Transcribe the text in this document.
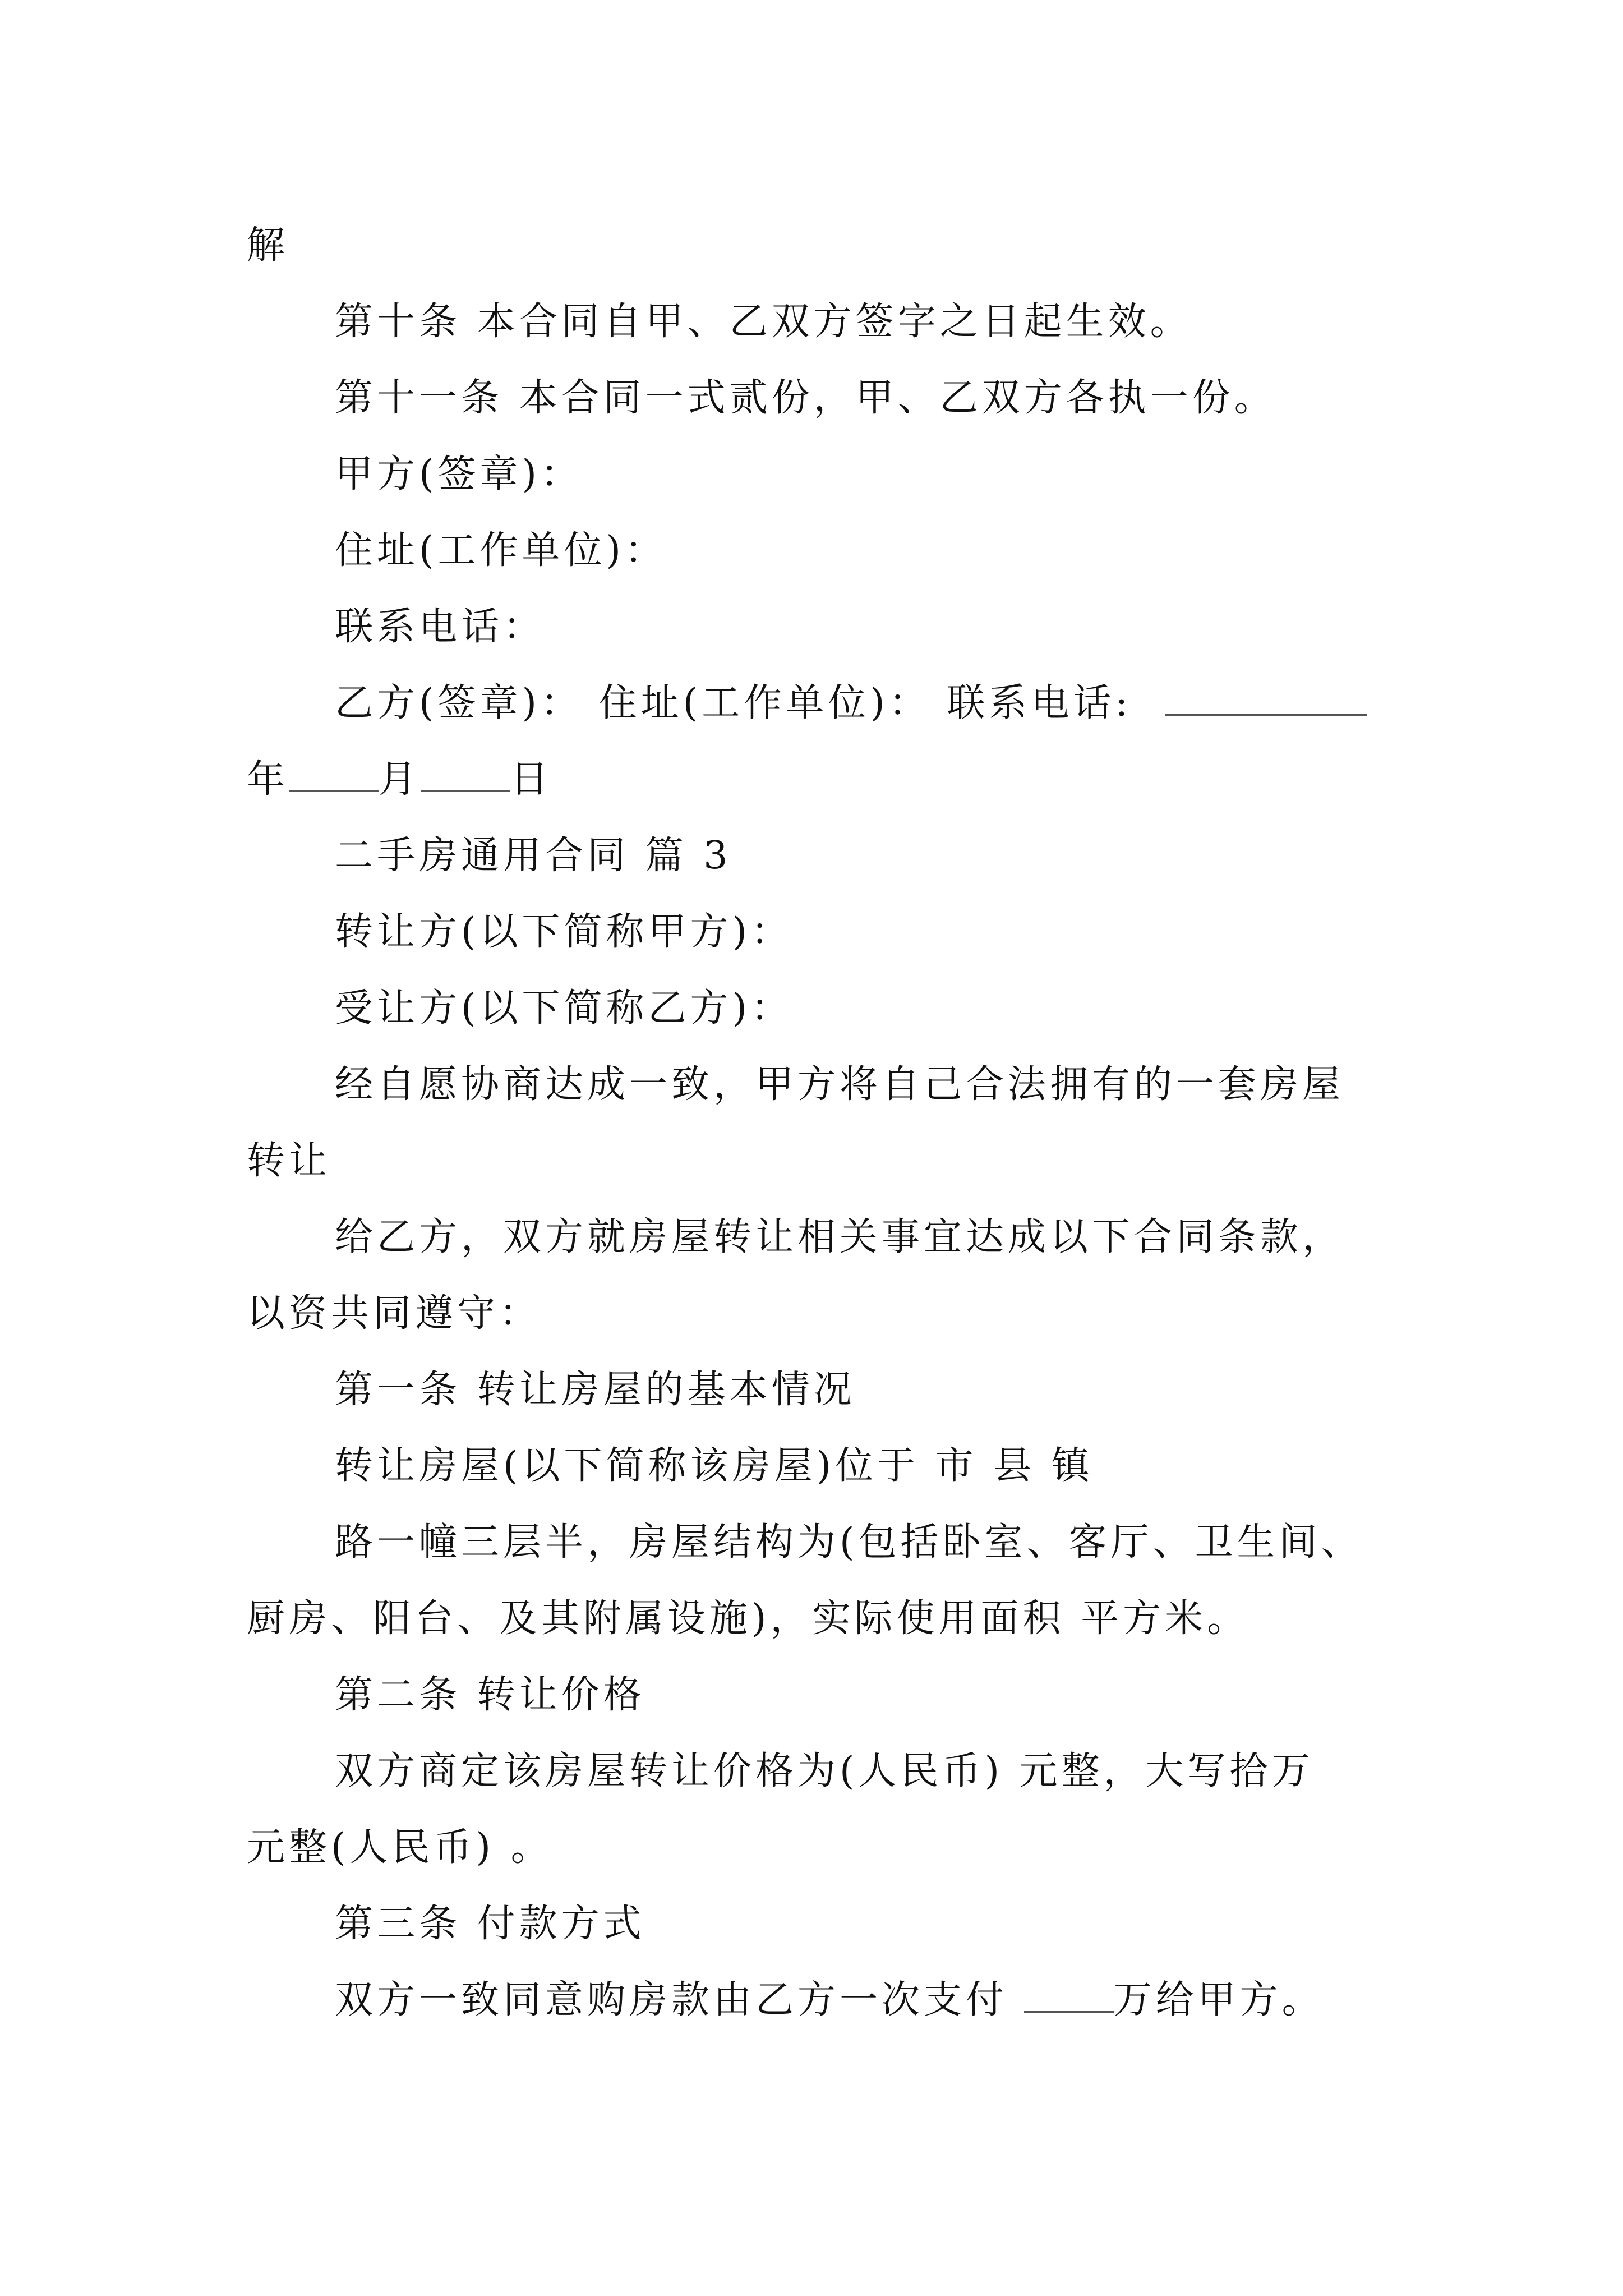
解

第十条 本合同自甲、乙双方签字之日起生效。

第十一条 本合同一式贰份，甲、乙双方各执一份。

甲方(签章)：

住址(工作单位)：

联系电话：

乙方(签章)： 住址(工作单位)： 联系电话:

年 月 日

二手房通用合同 篇 3

转让方(以下简称甲方)：

受让方(以下简称乙方)：

经自愿协商达成一致，甲方将自己合法拥有的一套房屋

转让

给乙方，双方就房屋转让相关事宜达成以下合同条款，

以资共同遵守：

第一条 转让房屋的基本情况

转让房屋(以下简称该房屋)位于 市 县 镇

路一幢三层半，房屋结构为(包括卧室、客厅、卫生间、

厨房、阳台、及其附属设施)，实际使用面积 平方米。

第二条 转让价格

双方商定该房屋转让价格为(人民币) 元整，大写拾万

元整(人民币) 。

第三条 付款方式

双方一致同意购房款由乙方一次支付	万给甲方。
